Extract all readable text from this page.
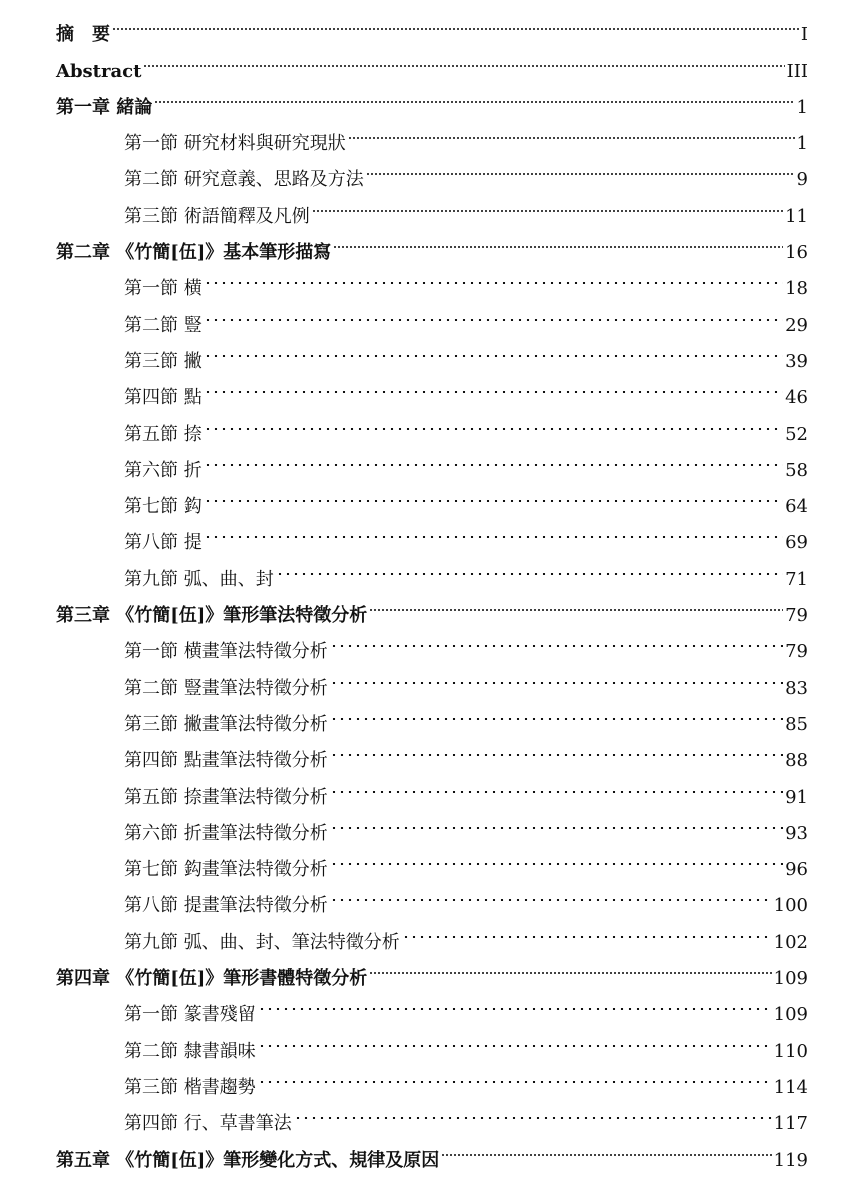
摘　要	I
Abstract	III
第一章 緒論	1
第一節 研究材料與研究現狀	1
第二節 研究意義、思路及方法	9
第三節 術語簡釋及凡例	11
第二章 《竹簡[伍]》基本筆形描寫	16
第一節 横	18
第二節 豎	29
第三節 撇	39
第四節 點	46
第五節 捺	52
第六節 折	58
第七節 鈎	64
第八節 提	69
第九節 弧、曲、封	71
第三章 《竹簡[伍]》筆形筆法特徵分析	79
第一節 横畫筆法特徵分析	79
第二節 豎畫筆法特徵分析	83
第三節 撇畫筆法特徵分析	85
第四節 點畫筆法特徵分析	88
第五節 捺畫筆法特徵分析	91
第六節 折畫筆法特徵分析	93
第七節 鈎畫筆法特徵分析	96
第八節 提畫筆法特徵分析	100
第九節 弧、曲、封、筆法特徵分析	102
第四章 《竹簡[伍]》筆形書體特徵分析	109
第一節 篆書殘留	109
第二節 隸書韻味	110
第三節 楷書趨勢	114
第四節 行、草書筆法	117
第五章 《竹簡[伍]》筆形變化方式、規律及原因	119
